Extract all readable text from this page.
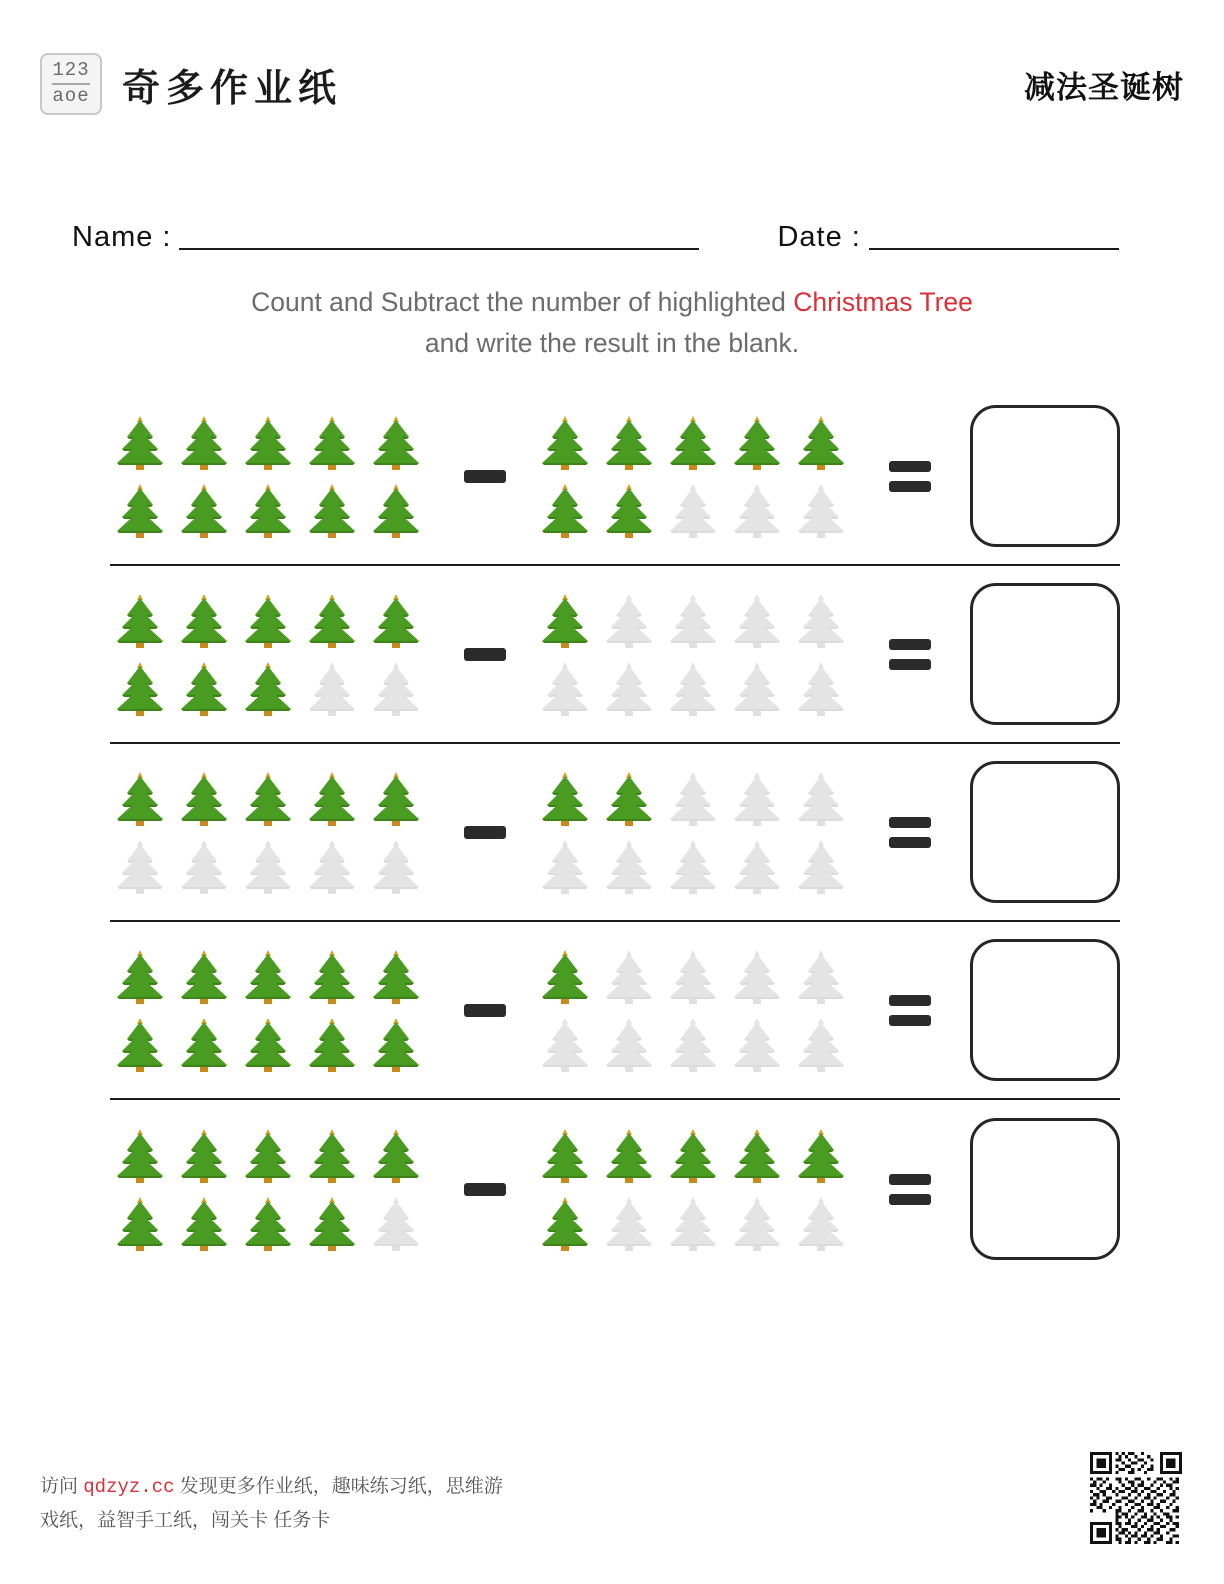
123
aoe 奇多作业纸	减法圣诞树
Name :	Date :
Count and Subtract the number of highlighted Christmas Tree
and write the result in the blank.
访问 qdzyz.cc 发现更多作业纸，趣味练习纸，思维游
戏纸，益智手工纸，闯关卡 任务卡
